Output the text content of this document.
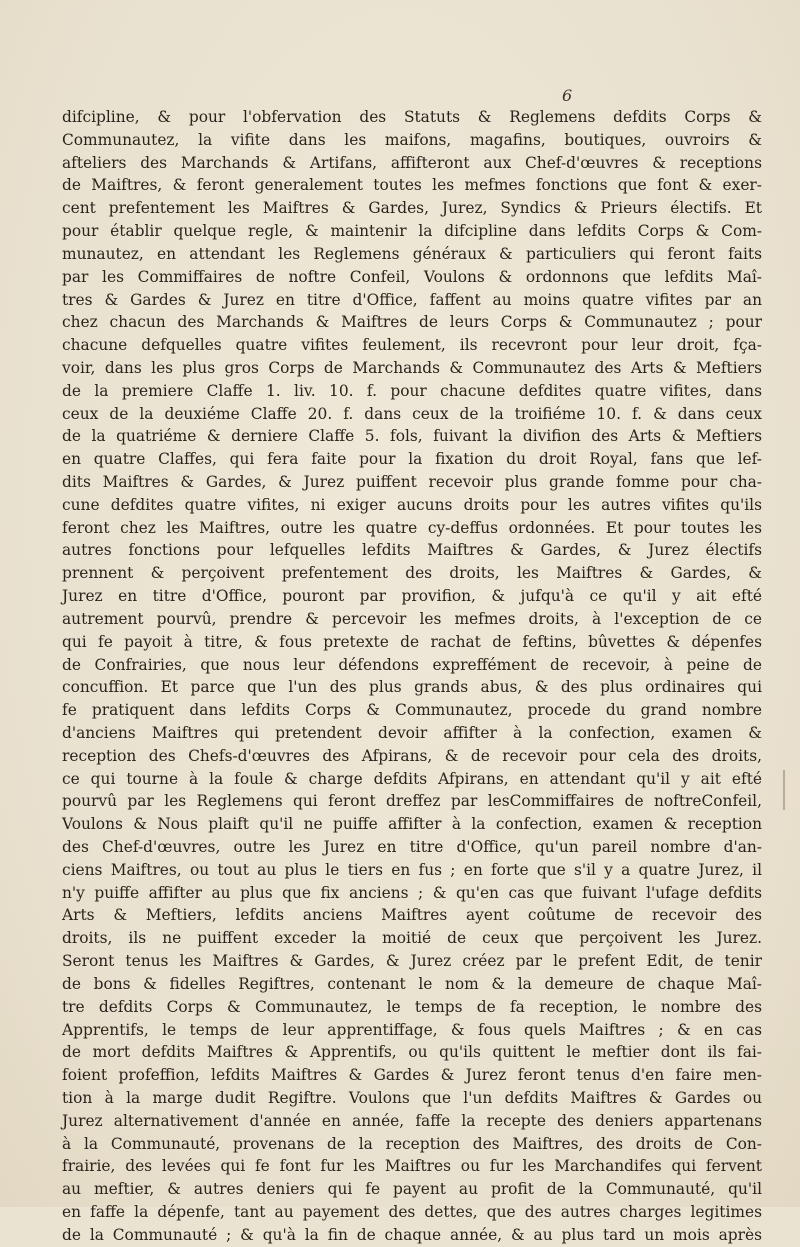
6
difcipline, & pour l'obfervation des Statuts & Reglemens defdits Corps &
Communautez, la vifite dans les maifons, magafins, boutiques, ouvroirs &
afteliers des Marchands & Artifans, affifteront aux Chef-d'œuvres & receptions
de Maiftres, & feront generalement toutes les mefmes fonctions que font & exer-
cent prefentement les Maiftres & Gardes, Jurez, Syndics & Prieurs électifs. Et
pour établir quelque regle, & maintenir la difcipline dans lefdits Corps & Com-
munautez, en attendant les Reglemens généraux & particuliers qui feront faits
par les Commiffaires de noftre Confeil, Voulons & ordonnons que lefdits Maî-
tres & Gardes & Jurez en titre d'Office, faffent au moins quatre vifites par an
chez chacun des Marchands & Maiftres de leurs Corps & Communautez ; pour
chacune defquelles quatre vifites feulement, ils recevront pour leur droit, fça-
voir, dans les plus gros Corps de Marchands & Communautez des Arts & Meftiers
de la premiere Claffe 1. liv. 10. f. pour chacune defdites quatre vifites, dans
ceux de la deuxiéme Claffe 20. f. dans ceux de la troifiéme 10. f. & dans ceux
de la quatriéme & derniere Claffe 5. fols, fuivant la divifion des Arts & Meftiers
en quatre Claffes, qui fera faite pour la fixation du droit Royal, fans que lef-
dits Maiftres & Gardes, & Jurez puiffent recevoir plus grande fomme pour cha-
cune defdites quatre vifites, ni exiger aucuns droits pour les autres vifites qu'ils
feront chez les Maiftres, outre les quatre cy-deffus ordonnées. Et pour toutes les
autres fonctions pour lefquelles lefdits Maiftres & Gardes, & Jurez électifs
prennent & perçoivent prefentement des droits, les Maiftres & Gardes, &
Jurez en titre d'Office, pouront par provifion, & jufqu'à ce qu'il y ait efté
autrement pourvû, prendre & percevoir les mefmes droits, à l'exception de ce
qui fe payoit à titre, & fous pretexte de rachat de feftins, bûvettes & dépenfes
de Confrairies, que nous leur défendons expreffément de recevoir, à peine de
concuffion. Et parce que l'un des plus grands abus, & des plus ordinaires qui
fe pratiquent dans lefdits Corps & Communautez, procede du grand nombre
d'anciens Maiftres qui pretendent devoir affifter à la confection, examen &
reception des Chefs-d'œuvres des Afpirans, & de recevoir pour cela des droits,
ce qui tourne à la foule & charge defdits Afpirans, en attendant qu'il y ait efté
pourvû par les Reglemens qui feront dreffez par lesCommiffaires de noftreConfeil,
Voulons & Nous plaift qu'il ne puiffe affifter à la confection, examen & reception
des Chef-d'œuvres, outre les Jurez en titre d'Office, qu'un pareil nombre d'an-
ciens Maiftres, ou tout au plus le tiers en fus ; en forte que s'il y a quatre Jurez, il
n'y puiffe affifter au plus que fix anciens ; & qu'en cas que fuivant l'ufage defdits
Arts & Meftiers, lefdits anciens Maiftres ayent coûtume de recevoir des
droits, ils ne puiffent exceder la moitié de ceux que perçoivent les Jurez.
Seront tenus les Maiftres & Gardes, & Jurez créez par le prefent Edit, de tenir
de bons & fidelles Regiftres, contenant le nom & la demeure de chaque Maî-
tre defdits Corps & Communautez, le temps de fa reception, le nombre des
Apprentifs, le temps de leur apprentiffage, & fous quels Maiftres ; & en cas
de mort defdits Maiftres & Apprentifs, ou qu'ils quittent le meftier dont ils fai-
foient profeffion, lefdits Maiftres & Gardes & Jurez feront tenus d'en faire men-
tion à la marge dudit Regiftre. Voulons que l'un defdits Maiftres & Gardes ou
Jurez alternativement d'année en année, faffe la recepte des deniers appartenans
à la Communauté, provenans de la reception des Maiftres, des droits de Con-
frairie, des levées qui fe font fur les Maiftres ou fur les Marchandifes qui fervent
au meftier, & autres deniers qui fe payent au profit de la Communauté, qu'il
en faffe la dépenfe, tant au payement des dettes, que des autres charges legitimes
de la Communauté ; & qu'à la fin de chaque année, & au plus tard un mois après
